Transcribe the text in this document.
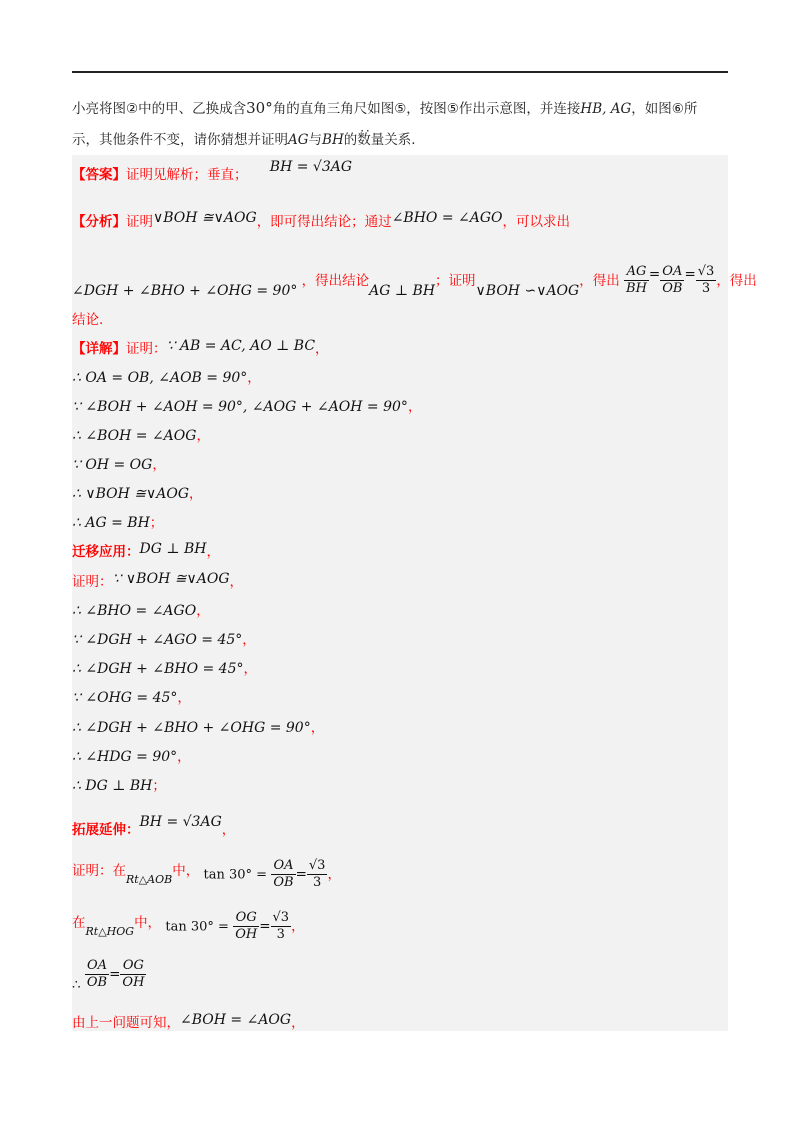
小亮将图②中的甲、乙换成含30°角的直角三角尺如图⑤，按图⑤作出示意图，并连接HB, AG，如图⑥所
示，其他条件不变，请你猜想并证明AG与BH的· · 数量关系.
【答案】证明见解析；垂直； BH = √3AG
【分析】证明∨BOH ≅∨AOG，即可得出结论；通过∠BHO = ∠AGO，可以求出
∠DGH + ∠BHO + ∠OHG = 90° ，得出结论AG ⊥ BH；证明∨BOH ∽∨AOG，得出 $\frac{AG}{BH} = \frac{OA}{OB} = \frac{√3}{3}$ ，得出
结论.
【详解】证明：∵ AB = AC, AO ⊥ BC，
∴ OA = OB, ∠AOB = 90°，
∵ ∠BOH + ∠AOH = 90°, ∠AOG + ∠AOH = 90°，
∴ ∠BOH = ∠AOG，
∵ OH = OG，
∴ ∨BOH ≅∨AOG，
∴ AG = BH；
迁移应用：DG ⊥ BH，
证明：∵ ∨BOH ≅∨AOG，
∴ ∠BHO = ∠AGO，
∵ ∠DGH + ∠AGO = 45°，
∴ ∠DGH + ∠BHO = 45°，
∵ ∠OHG = 45°，
∴ ∠DGH + ∠BHO + ∠OHG = 90°，
∴ ∠HDG = 90°，
∴ DG ⊥ BH；
拓展延伸：BH = √3AG，
证明：在$_{Rt\triangle AOB}$中， $\tan 30^\circ = \frac{OA}{OB} = \frac{√3}{3}$ ，
在$_{Rt\triangle HOG}$中， $\tan 30^\circ = \frac{OG}{OH} = \frac{√3}{3}$ ，
∴ $\frac{OA}{OB} = \frac{OG}{OH}$
由上一问题可知，∠BOH = ∠AOG，
